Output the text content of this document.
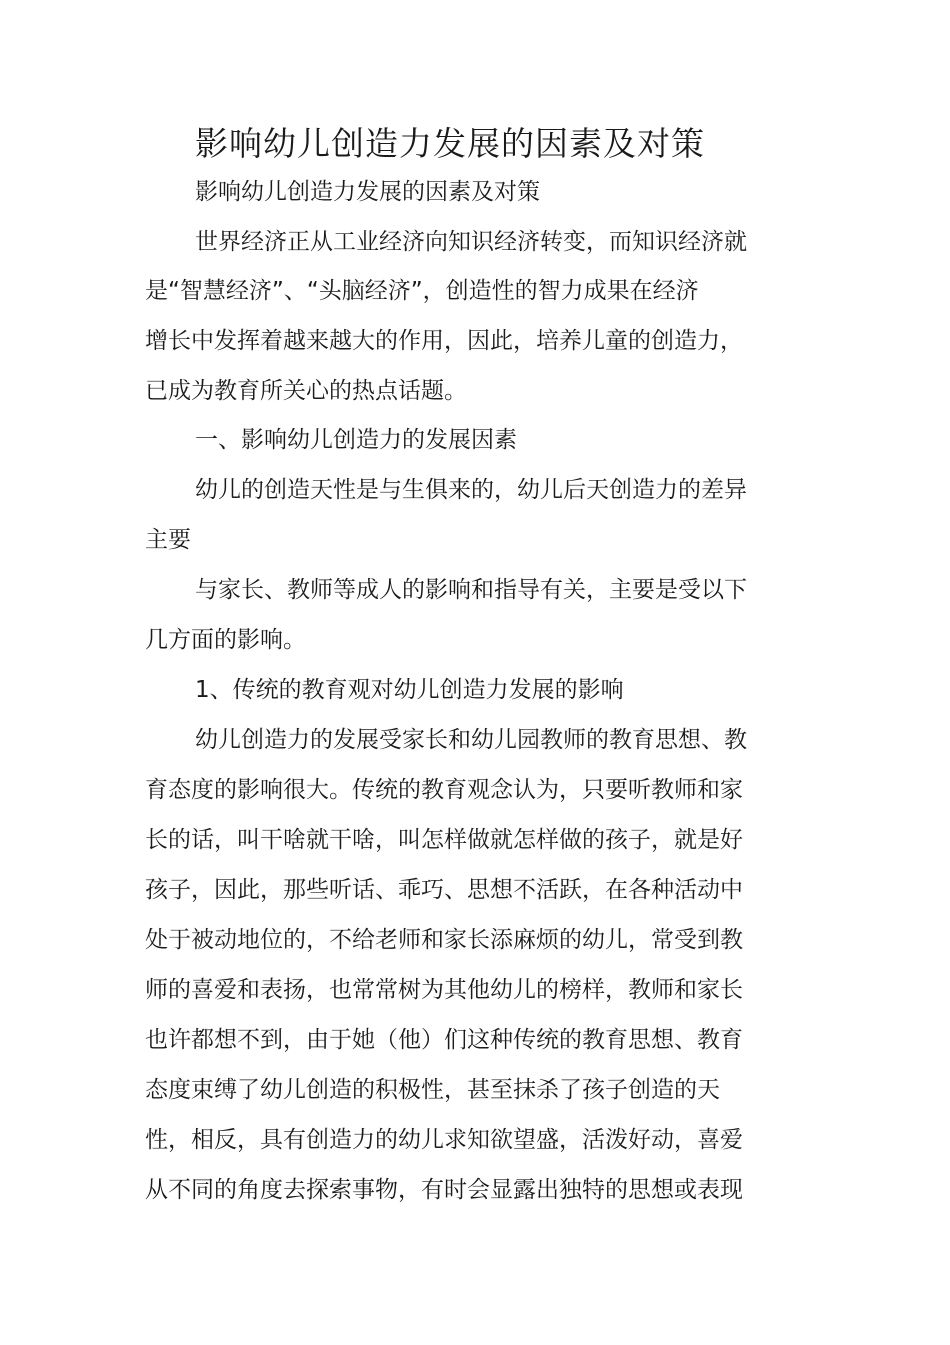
影响幼儿创造力发展的因素及对策
影响幼儿创造力发展的因素及对策
世界经济正从工业经济向知识经济转变，而知识经济就
是“智慧经济”、“头脑经济”，创造性的智力成果在经济
增长中发挥着越来越大的作用，因此，培养儿童的创造力，
已成为教育所关心的热点话题。
一、影响幼儿创造力的发展因素
幼儿的创造天性是与生俱来的，幼儿后天创造力的差异
主要
与家长、教师等成人的影响和指导有关，主要是受以下
几方面的影响。
1、传统的教育观对幼儿创造力发展的影响
幼儿创造力的发展受家长和幼儿园教师的教育思想、教
育态度的影响很大。传统的教育观念认为，只要听教师和家
长的话，叫干啥就干啥，叫怎样做就怎样做的孩子，就是好
孩子，因此，那些听话、乖巧、思想不活跃，在各种活动中
处于被动地位的，不给老师和家长添麻烦的幼儿，常受到教
师的喜爱和表扬，也常常树为其他幼儿的榜样，教师和家长
也许都想不到，由于她（他）们这种传统的教育思想、教育
态度束缚了幼儿创造的积极性，甚至抹杀了孩子创造的天
性，相反，具有创造力的幼儿求知欲望盛，活泼好动，喜爱
从不同的角度去探索事物，有时会显露出独特的思想或表现
